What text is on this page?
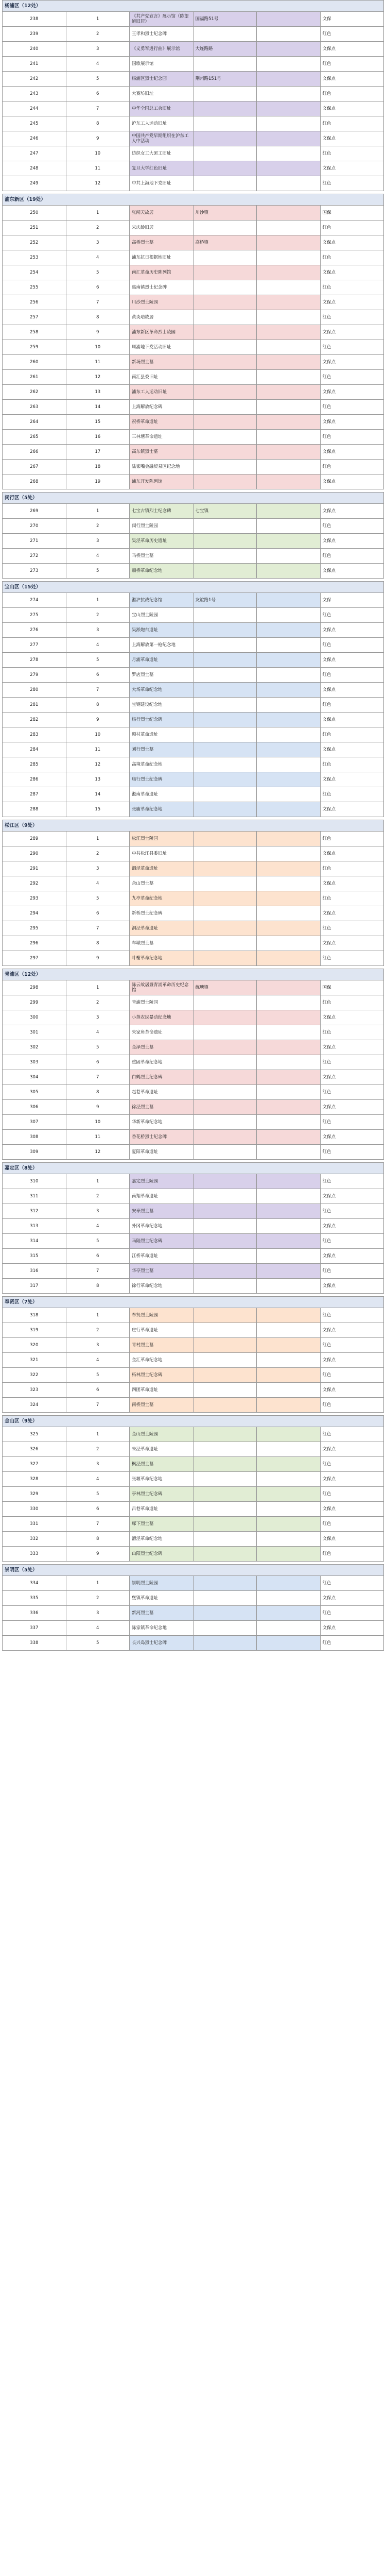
杨浦区（12处）					
238	1	《共产党宣言》展示馆（陈望道旧居）	国福路51号		文保
239	2	王孝和烈士纪念碑			红色
240	3	《义勇军进行曲》展示馆	大连路路		文保点
241	4	国歌展示馆			红色
242	5	杨浦区烈士纪念园	荆州路151号		文保点
243	6	大赛坊旧址			红色
244	7	中华全国总工会旧址			文保点
245	8	沪东工人运动旧址			红色
246	9	中国共产党早期组织在沪东工人中活动			文保点
247	10	纺织女工大罢工旧址			红色
248	11	复旦大学红色旧址			文保点
249	12	中共上海地下党旧址			红色

浦东新区（19处）					
250	1	张闻天故居	川沙镇		国保
251	2	宋庆龄旧居			红色
252	3	高桥烈士墓	高桥镇		文保点
253	4	浦东抗日根据地旧址			红色
254	5	南汇革命历史陈列馆			文保点
255	6	惠南镇烈士纪念碑			红色
256	7	川沙烈士陵园			文保点
257	8	黄炎培故居			红色
258	9	浦东新区革命烈士陵园			文保点
259	10	周浦地下党活动旧址			红色
260	11	新场烈士墓			文保点
261	12	南汇县委旧址			红色
262	13	浦东工人运动旧址			文保点
263	14	上海解放纪念碑			红色
264	15	祝桥革命遗址			文保点
265	16	三林塘革命遗址			红色
266	17	高东镇烈士墓			文保点
267	18	陆家嘴金融贸易区纪念地			红色
268	19	浦东开发陈列馆			文保点

闵行区（5处）					
269	1	七宝古镇烈士纪念碑	七宝镇		文保点
270	2	闵行烈士陵园			红色
271	3	吴泾革命历史遗址			文保点
272	4	马桥烈士墓			红色
273	5	颛桥革命纪念地			文保点

宝山区（15处）					
274	1	淞沪抗战纪念馆	友谊路1号		文保
275	2	宝山烈士陵园			红色
276	3	吴淞炮台遗址			文保点
277	4	上海解放第一枪纪念地			红色
278	5	月浦革命遗址			文保点
279	6	罗店烈士墓			红色
280	7	大场革命纪念地			文保点
281	8	宝钢建设纪念地			红色
282	9	杨行烈士纪念碑			文保点
283	10	顾村革命遗址			红色
284	11	刘行烈士墓			文保点
285	12	高境革命纪念地			红色
286	13	庙行烈士纪念碑			文保点
287	14	淞南革命遗址			红色
288	15	张庙革命纪念地			文保点

松江区（9处）					
289	1	松江烈士陵园			红色
290	2	中共松江县委旧址			文保点
291	3	泗泾革命遗址			红色
292	4	佘山烈士墓			文保点
293	5	九亭革命纪念地			红色
294	6	新桥烈士纪念碑			文保点
295	7	洞泾革命遗址			红色
296	8	车墩烈士墓			文保点
297	9	叶榭革命纪念地			红色

青浦区（12处）					
298	1	陈云故居暨青浦革命历史纪念馆	练塘镇		国保
299	2	青浦烈士陵园			红色
300	3	小蒸农民暴动纪念地			文保点
301	4	朱家角革命遗址			红色
302	5	金泽烈士墓			文保点
303	6	重固革命纪念地			红色
304	7	白鹤烈士纪念碑			文保点
305	8	赵巷革命遗址			红色
306	9	徐泾烈士墓			文保点
307	10	华新革命纪念地			红色
308	11	香花桥烈士纪念碑			文保点
309	12	夏阳革命遗址			红色

嘉定区（8处）					
310	1	嘉定烈士陵园			红色
311	2	南翔革命遗址			文保点
312	3	安亭烈士墓			红色
313	4	外冈革命纪念地			文保点
314	5	马陆烈士纪念碑			红色
315	6	江桥革命遗址			文保点
316	7	华亭烈士墓			红色
317	8	徐行革命纪念地			文保点

奉贤区（7处）					
318	1	奉贤烈士陵园			红色
319	2	庄行革命遗址			文保点
320	3	青村烈士墓			红色
321	4	金汇革命纪念地			文保点
322	5	柘林烈士纪念碑			红色
323	6	四团革命遗址			文保点
324	7	南桥烈士墓			红色

金山区（9处）					
325	1	金山烈士陵园			红色
326	2	朱泾革命遗址			文保点
327	3	枫泾烈士墓			红色
328	4	张堰革命纪念地			文保点
329	5	亭林烈士纪念碑			红色
330	6	吕巷革命遗址			文保点
331	7	廊下烈士墓			红色
332	8	漕泾革命纪念地			文保点
333	9	山阳烈士纪念碑			红色

崇明区（5处）					
334	1	崇明烈士陵园			红色
335	2	堡镇革命遗址			文保点
336	3	新河烈士墓			红色
337	4	陈家镇革命纪念地			文保点
338	5	长兴岛烈士纪念碑			红色
